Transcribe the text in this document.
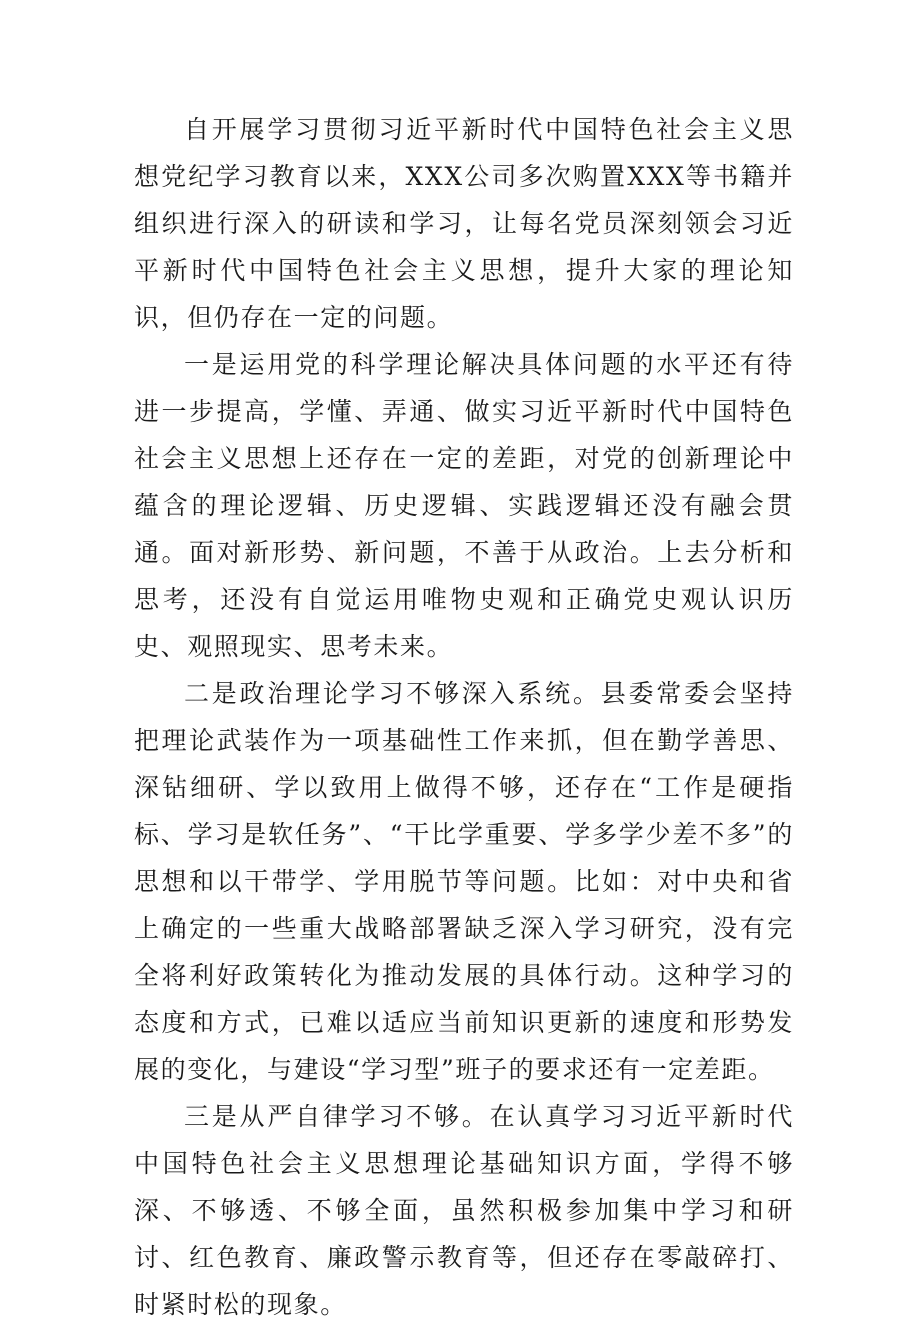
自开展学习贯彻习近平新时代中国特色社会主义思想党纪学习教育以来，XXX公司多次购置XXX等书籍并组织进行深入的研读和学习，让每名党员深刻领会习近平新时代中国特色社会主义思想，提升大家的理论知识，但仍存在一定的问题。

一是运用党的科学理论解决具体问题的水平还有待进一步提高，学懂、弄通、做实习近平新时代中国特色社会主义思想上还存在一定的差距，对党的创新理论中蕴含的理论逻辑、历史逻辑、实践逻辑还没有融会贯通。面对新形势、新问题，不善于从政治。上去分析和思考，还没有自觉运用唯物史观和正确党史观认识历史、观照现实、思考未来。

二是政治理论学习不够深入系统。县委常委会坚持把理论武装作为一项基础性工作来抓，但在勤学善思、深钻细研、学以致用上做得不够，还存在“工作是硬指标、学习是软任务”、“干比学重要、学多学少差不多”的思想和以干带学、学用脱节等问题。比如：对中央和省上确定的一些重大战略部署缺乏深入学习研究，没有完全将利好政策转化为推动发展的具体行动。这种学习的态度和方式，已难以适应当前知识更新的速度和形势发展的变化，与建设“学习型”班子的要求还有一定差距。

三是从严自律学习不够。在认真学习习近平新时代中国特色社会主义思想理论基础知识方面，学得不够深、不够透、不够全面，虽然积极参加集中学习和研讨、红色教育、廉政警示教育等，但还存在零敲碎打、时紧时松的现象。
